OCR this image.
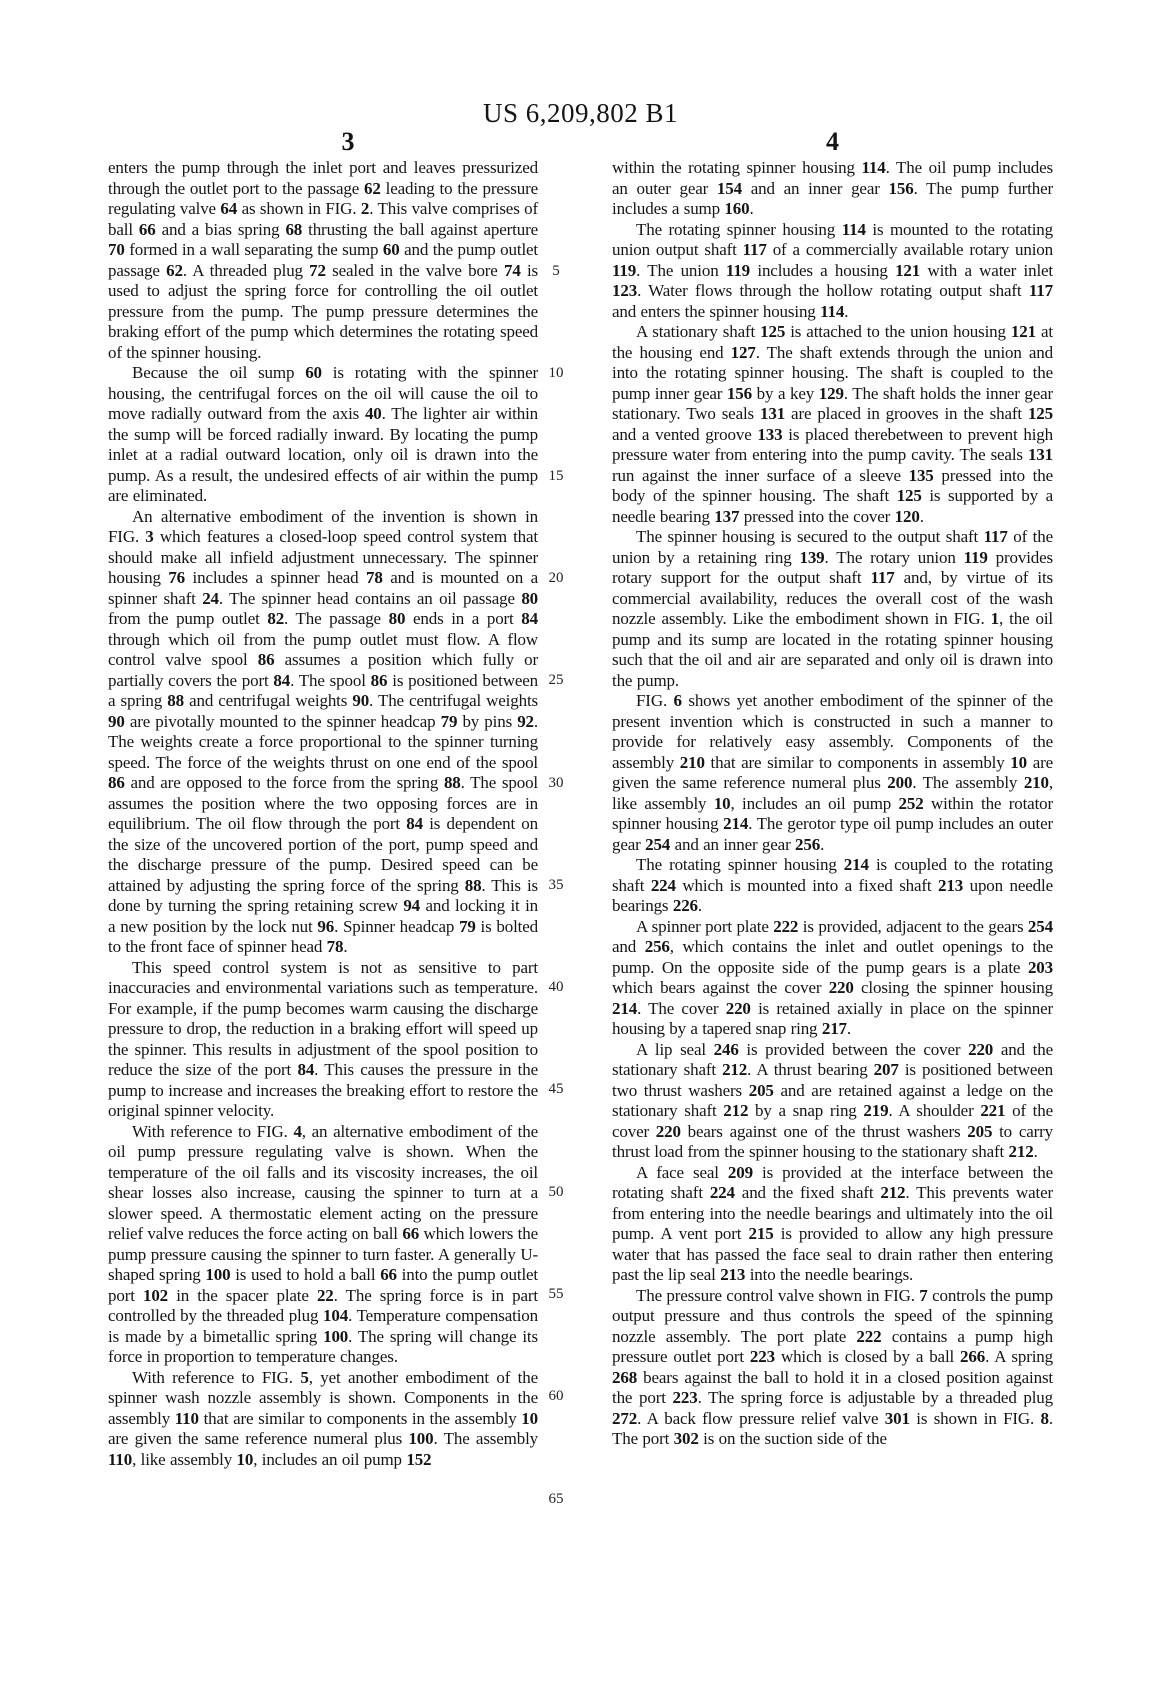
US 6,209,802 B1
3	4

enters the pump through the inlet port and leaves pressurized through the outlet port to the passage 62 leading to the pressure regulating valve 64 as shown in FIG. 2. This valve comprises of ball 66 and a bias spring 68 thrusting the ball against aperture 70 formed in a wall separating the sump 60 and the pump outlet passage 62. A threaded plug 72 sealed in the valve bore 74 is used to adjust the spring force for controlling the oil outlet pressure from the pump. The pump pressure determines the braking effort of the pump which determines the rotating speed of the spinner housing.

Because the oil sump 60 is rotating with the spinner housing, the centrifugal forces on the oil will cause the oil to move radially outward from the axis 40. The lighter air within the sump will be forced radially inward. By locating the pump inlet at a radial outward location, only oil is drawn into the pump. As a result, the undesired effects of air within the pump are eliminated.

An alternative embodiment of the invention is shown in FIG. 3 which features a closed-loop speed control system that should make all infield adjustment unnecessary. The spinner housing 76 includes a spinner head 78 and is mounted on a spinner shaft 24. The spinner head contains an oil passage 80 from the pump outlet 82. The passage 80 ends in a port 84 through which oil from the pump outlet must flow. A flow control valve spool 86 assumes a position which fully or partially covers the port 84. The spool 86 is positioned between a spring 88 and centrifugal weights 90. The centrifugal weights 90 are pivotally mounted to the spinner headcap 79 by pins 92. The weights create a force proportional to the spinner turning speed. The force of the weights thrust on one end of the spool 86 and are opposed to the force from the spring 88. The spool assumes the position where the two opposing forces are in equilibrium. The oil flow through the port 84 is dependent on the size of the uncovered portion of the port, pump speed and the discharge pressure of the pump. Desired speed can be attained by adjusting the spring force of the spring 88. This is done by turning the spring retaining screw 94 and locking it in a new position by the lock nut 96. Spinner headcap 79 is bolted to the front face of spinner head 78.

This speed control system is not as sensitive to part inaccuracies and environmental variations such as temperature. For example, if the pump becomes warm causing the discharge pressure to drop, the reduction in a braking effort will speed up the spinner. This results in adjustment of the spool position to reduce the size of the port 84. This causes the pressure in the pump to increase and increases the breaking effort to restore the original spinner velocity.

With reference to FIG. 4, an alternative embodiment of the oil pump pressure regulating valve is shown. When the temperature of the oil falls and its viscosity increases, the oil shear losses also increase, causing the spinner to turn at a slower speed. A thermostatic element acting on the pressure relief valve reduces the force acting on ball 66 which lowers the pump pressure causing the spinner to turn faster. A generally U-shaped spring 100 is used to hold a ball 66 into the pump outlet port 102 in the spacer plate 22. The spring force is in part controlled by the threaded plug 104. Temperature compensation is made by a bimetallic spring 100. The spring will change its force in proportion to temperature changes.

With reference to FIG. 5, yet another embodiment of the spinner wash nozzle assembly is shown. Components in the assembly 110 that are similar to components in the assembly 10 are given the same reference numeral plus 100. The assembly 110, like assembly 10, includes an oil pump 152

within the rotating spinner housing 114. The oil pump includes an outer gear 154 and an inner gear 156. The pump further includes a sump 160.

The rotating spinner housing 114 is mounted to the rotating union output shaft 117 of a commercially available rotary union 119. The union 119 includes a housing 121 with a water inlet 123. Water flows through the hollow rotating output shaft 117 and enters the spinner housing 114.

A stationary shaft 125 is attached to the union housing 121 at the housing end 127. The shaft extends through the union and into the rotating spinner housing. The shaft is coupled to the pump inner gear 156 by a key 129. The shaft holds the inner gear stationary. Two seals 131 are placed in grooves in the shaft 125 and a vented groove 133 is placed therebetween to prevent high pressure water from entering into the pump cavity. The seals 131 run against the inner surface of a sleeve 135 pressed into the body of the spinner housing. The shaft 125 is supported by a needle bearing 137 pressed into the cover 120.

The spinner housing is secured to the output shaft 117 of the union by a retaining ring 139. The rotary union 119 provides rotary support for the output shaft 117 and, by virtue of its commercial availability, reduces the overall cost of the wash nozzle assembly. Like the embodiment shown in FIG. 1, the oil pump and its sump are located in the rotating spinner housing such that the oil and air are separated and only oil is drawn into the pump.

FIG. 6 shows yet another embodiment of the spinner of the present invention which is constructed in such a manner to provide for relatively easy assembly. Components of the assembly 210 that are similar to components in assembly 10 are given the same reference numeral plus 200. The assembly 210, like assembly 10, includes an oil pump 252 within the rotator spinner housing 214. The gerotor type oil pump includes an outer gear 254 and an inner gear 256.

The rotating spinner housing 214 is coupled to the rotating shaft 224 which is mounted into a fixed shaft 213 upon needle bearings 226.

A spinner port plate 222 is provided, adjacent to the gears 254 and 256, which contains the inlet and outlet openings to the pump. On the opposite side of the pump gears is a plate 203 which bears against the cover 220 closing the spinner housing 214. The cover 220 is retained axially in place on the spinner housing by a tapered snap ring 217.

A lip seal 246 is provided between the cover 220 and the stationary shaft 212. A thrust bearing 207 is positioned between two thrust washers 205 and are retained against a ledge on the stationary shaft 212 by a snap ring 219. A shoulder 221 of the cover 220 bears against one of the thrust washers 205 to carry thrust load from the spinner housing to the stationary shaft 212.

A face seal 209 is provided at the interface between the rotating shaft 224 and the fixed shaft 212. This prevents water from entering into the needle bearings and ultimately into the oil pump. A vent port 215 is provided to allow any high pressure water that has passed the face seal to drain rather then entering past the lip seal 213 into the needle bearings.

The pressure control valve shown in FIG. 7 controls the pump output pressure and thus controls the speed of the spinning nozzle assembly. The port plate 222 contains a pump high pressure outlet port 223 which is closed by a ball 266. A spring 268 bears against the ball to hold it in a closed position against the port 223. The spring force is adjustable by a threaded plug 272. A back flow pressure relief valve 301 is shown in FIG. 8. The port 302 is on the suction side of the

5
10
15
20
25
30
35
40
45
50
55
60
65
